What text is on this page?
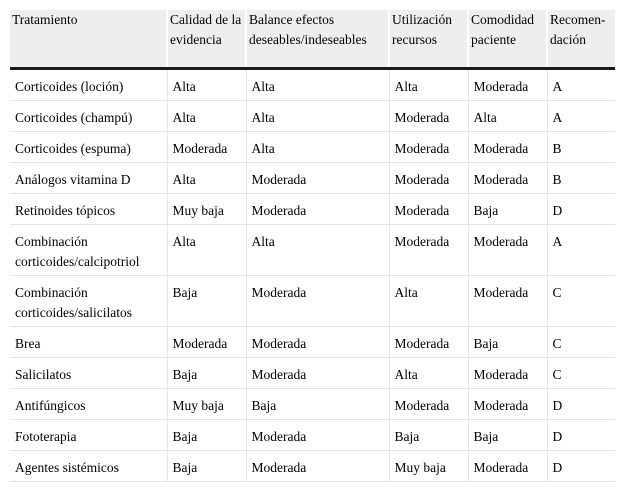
Tratamiento	Calidad de la evidencia	Balance efectos deseables/indeseables	Utilización recursos	Comodidad paciente	Recomen-dación
Corticoides (loción)	Alta	Alta	Alta	Moderada	A
Corticoides (champú)	Alta	Alta	Moderada	Alta	A
Corticoides (espuma)	Moderada	Alta	Moderada	Moderada	B
Análogos vitamina D	Alta	Moderada	Moderada	Moderada	B
Retinoides tópicos	Muy baja	Moderada	Moderada	Baja	D
Combinación corticoides/calcipotriol	Alta	Alta	Moderada	Moderada	A
Combinación corticoides/salicilatos	Baja	Moderada	Alta	Moderada	C
Brea	Moderada	Moderada	Moderada	Baja	C
Salicilatos	Baja	Moderada	Alta	Moderada	C
Antifúngicos	Muy baja	Baja	Moderada	Moderada	D
Fototerapia	Baja	Moderada	Baja	Baja	D
Agentes sistémicos	Baja	Moderada	Muy baja	Moderada	D
